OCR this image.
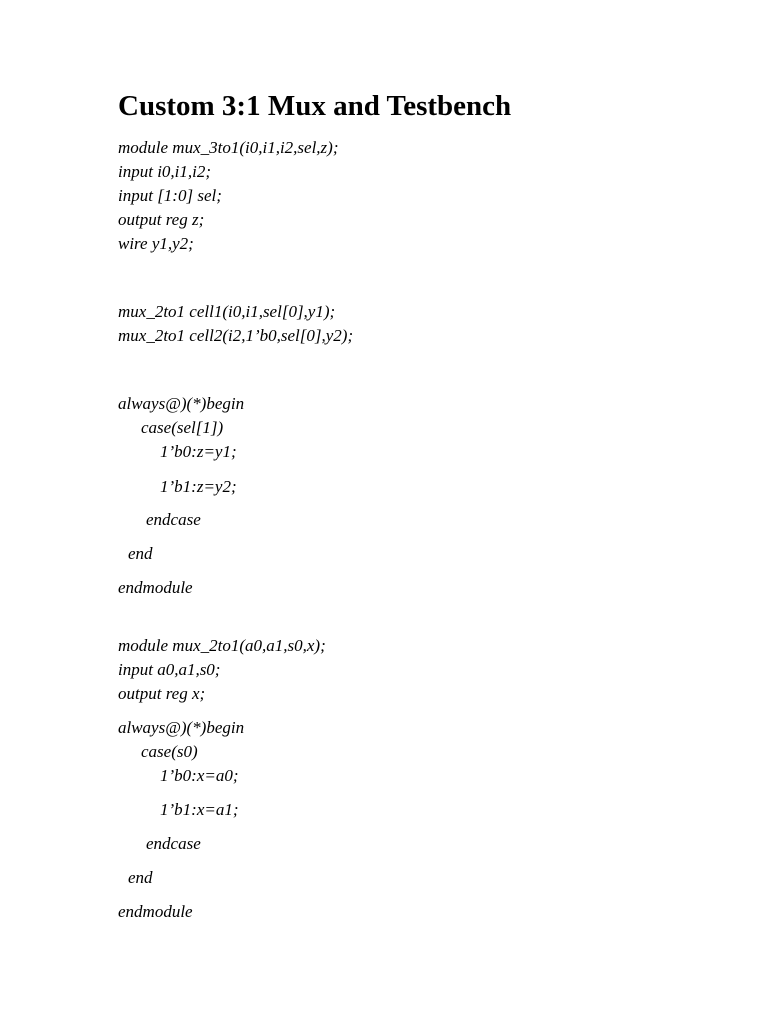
Custom 3:1 Mux and Testbench
module mux_3to1(i0,i1,i2,sel,z);
input i0,i1,i2;
input [1:0] sel;
output reg z;
wire y1,y2;
mux_2to1 cell1(i0,i1,sel[0],y1);
mux_2to1 cell2(i2,1’b0,sel[0],y2);
always@)(*)begin
case(sel[1])
1’b0:z=y1;
1’b1:z=y2;
endcase
end
endmodule
module mux_2to1(a0,a1,s0,x);
input a0,a1,s0;
output reg x;
always@)(*)begin
case(s0)
1’b0:x=a0;
1’b1:x=a1;
endcase
end
endmodule
